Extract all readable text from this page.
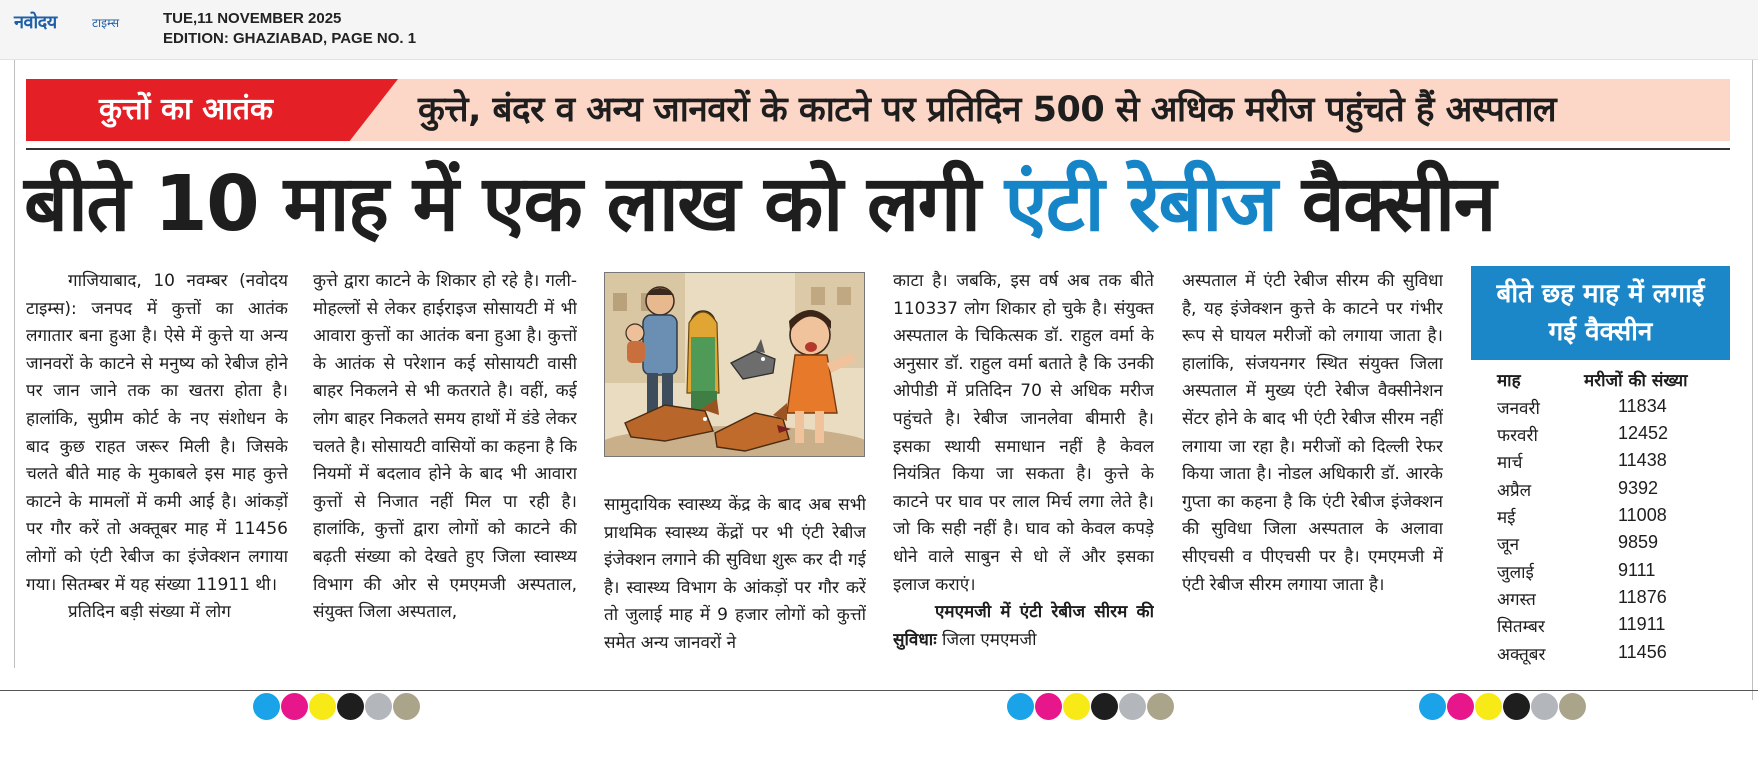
नवोदय	टाइम्स	TUE,11 NOVEMBER 2025
EDITION: GHAZIABAD, PAGE NO. 1
कुत्तों का आतंक	कुत्ते, बंदर व अन्य जानवरों के काटने पर प्रतिदिन 500 से अधिक मरीज पहुंचते हैं अस्पताल
बीते 10 माह में एक लाख को लगी एंटी रेबीज वैक्सीन

गाजियाबाद, 10 नवम्बर (नवोदय टाइम्स): जनपद में कुत्तों का आतंक लगातार बना हुआ है। ऐसे में कुत्ते या अन्य जानवरों के काटने से मनुष्य को रेबीज होने पर जान जाने तक का खतरा होता है। हालांकि, सुप्रीम कोर्ट के नए संशोधन के बाद कुछ राहत जरूर मिली है। जिसके चलते बीते माह के मुकाबले इस माह कुत्ते काटने के मामलों में कमी आई है। आंकड़ों पर गौर करें तो अक्तूबर माह में 11456 लोगों को एंटी रेबीज का इंजेक्शन लगाया गया। सितम्बर में यह संख्या 11911 थी।

प्रतिदिन बड़ी संख्या में लोग

कुत्ते द्वारा काटने के शिकार हो रहे है। गली-मोहल्लों से लेकर हाईराइज सोसायटी में भी आवारा कुत्तों का आतंक बना हुआ है। कुत्तों के आतंक से परेशान कई सोसायटी वासी बाहर निकलने से भी कतराते है। वहीं, कई लोग बाहर निकलते समय हाथों में डंडे लेकर चलते है। सोसायटी वासियों का कहना है कि नियमों में बदलाव होने के बाद भी आवारा कुत्तों से निजात नहीं मिल पा रही है। हालांकि, कुत्तों द्वारा लोगों को काटने की बढ़ती संख्या को देखते हुए जिला स्वास्थ्य विभाग की ओर से एमएमजी अस्पताल, संयुक्त जिला अस्पताल,

सामुदायिक स्वास्थ्य केंद्र के बाद अब सभी प्राथमिक स्वास्थ्य केंद्रों पर भी एंटी रेबीज इंजेक्शन लगाने की सुविधा शुरू कर दी गई है। स्वास्थ्य विभाग के आंकड़ों पर गौर करें तो जुलाई माह में 9 हजार लोगों को कुत्तों समेत अन्य जानवरों ने

काटा है। जबकि, इस वर्ष अब तक बीते 110337 लोग शिकार हो चुके है। संयुक्त अस्पताल के चिकित्सक डॉ. राहुल वर्मा के अनुसार डॉ. राहुल वर्मा बताते है कि उनकी ओपीडी में प्रतिदिन 70 से अधिक मरीज पहुंचते है। रेबीज जानलेवा बीमारी है। इसका स्थायी समाधान नहीं है केवल नियंत्रित किया जा सकता है। कुत्ते के काटने पर घाव पर लाल मिर्च लगा लेते है। जो कि सही नहीं है। घाव को केवल कपड़े धोने वाले साबुन से धो लें और इसका इलाज कराएं।

एमएमजी में एंटी रेबीज सीरम की सुविधाः जिला एमएमजी

अस्पताल में एंटी रेबीज सीरम की सुविधा है, यह इंजेक्शन कुत्ते के काटने पर गंभीर रूप से घायल मरीजों को लगाया जाता है। हालांकि, संजयनगर स्थित संयुक्त जिला अस्पताल में मुख्य एंटी रेबीज वैक्सीनेशन सेंटर होने के बाद भी एंटी रेबीज सीरम नहीं लगाया जा रहा है। मरीजों को दिल्ली रेफर किया जाता है। नोडल अधिकारी डॉ. आरके गुप्ता का कहना है कि एंटी रेबीज इंजेक्शन की सुविधा जिला अस्पताल के अलावा सीएचसी व पीएचसी पर है। एमएमजी में एंटी रेबीज सीरम लगाया जाता है।

बीते छह माह में लगाई
गई वैक्सीन
माह	मरीजों की संख्या
जनवरी	11834
फरवरी	12452
मार्च	11438
अप्रैल	9392
मई	11008
जून	9859
जुलाई	9111
अगस्त	11876
सितम्बर	11911
अक्तूबर	11456
